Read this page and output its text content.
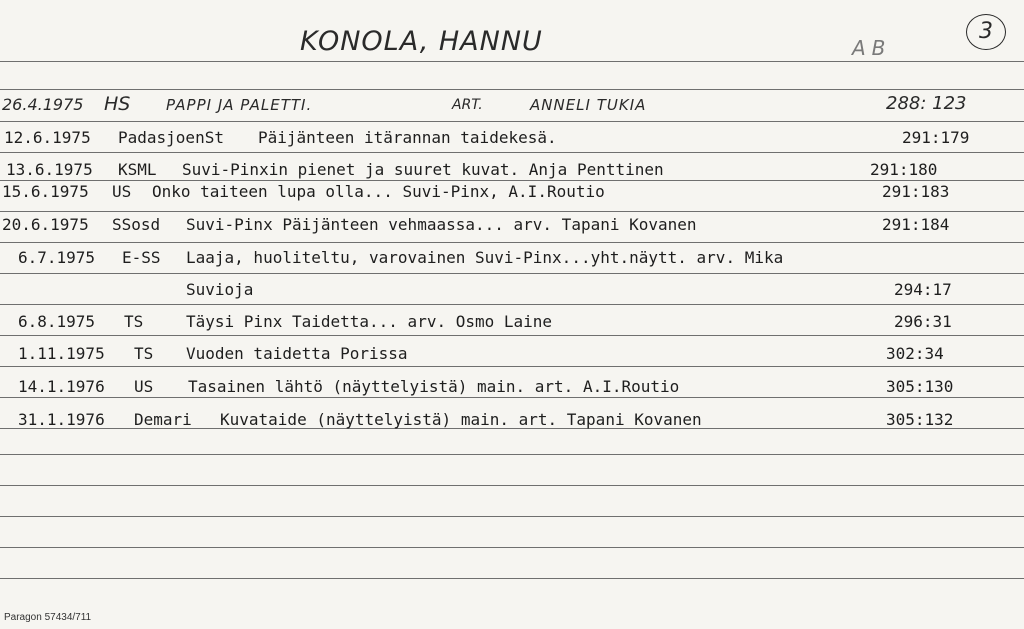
KONOLA, HANNU	AB
3
26.4.1975 HS PAPPI JA PALETTI.	ART.	ANNELI TUKIA	288: 123
12.6.1975 PadasjoenSt Päijänteen itärannan taidekesä.	291:179
13.6.1975 KSML Suvi-Pinxin pienet ja suuret kuvat. Anja Penttinen	291:180
15.6.1975 US Onko taiteen lupa olla... Suvi-Pinx, A.I.Routio	291:183
20.6.1975 SSosd Suvi-Pinx Päijänteen vehmaassa... arv. Tapani Kovanen	291:184
6.7.1975 E-SS Laaja, huoliteltu, varovainen Suvi-Pinx...yht.näytt. arv. Mika
Suvioja	294:17
6.8.1975 TS	Täysi Pinx Taidetta... arv. Osmo Laine	296:31
1.11.1975 TS Vuoden taidetta Porissa	302:34
14.1.1976 US Tasainen lähtö (näyttelyistä) main. art. A.I.Routio	305:130
31.1.1976 Demari Kuvataide (näyttelyistä) main. art. Tapani Kovanen	305:132
Paragon 57434/711
